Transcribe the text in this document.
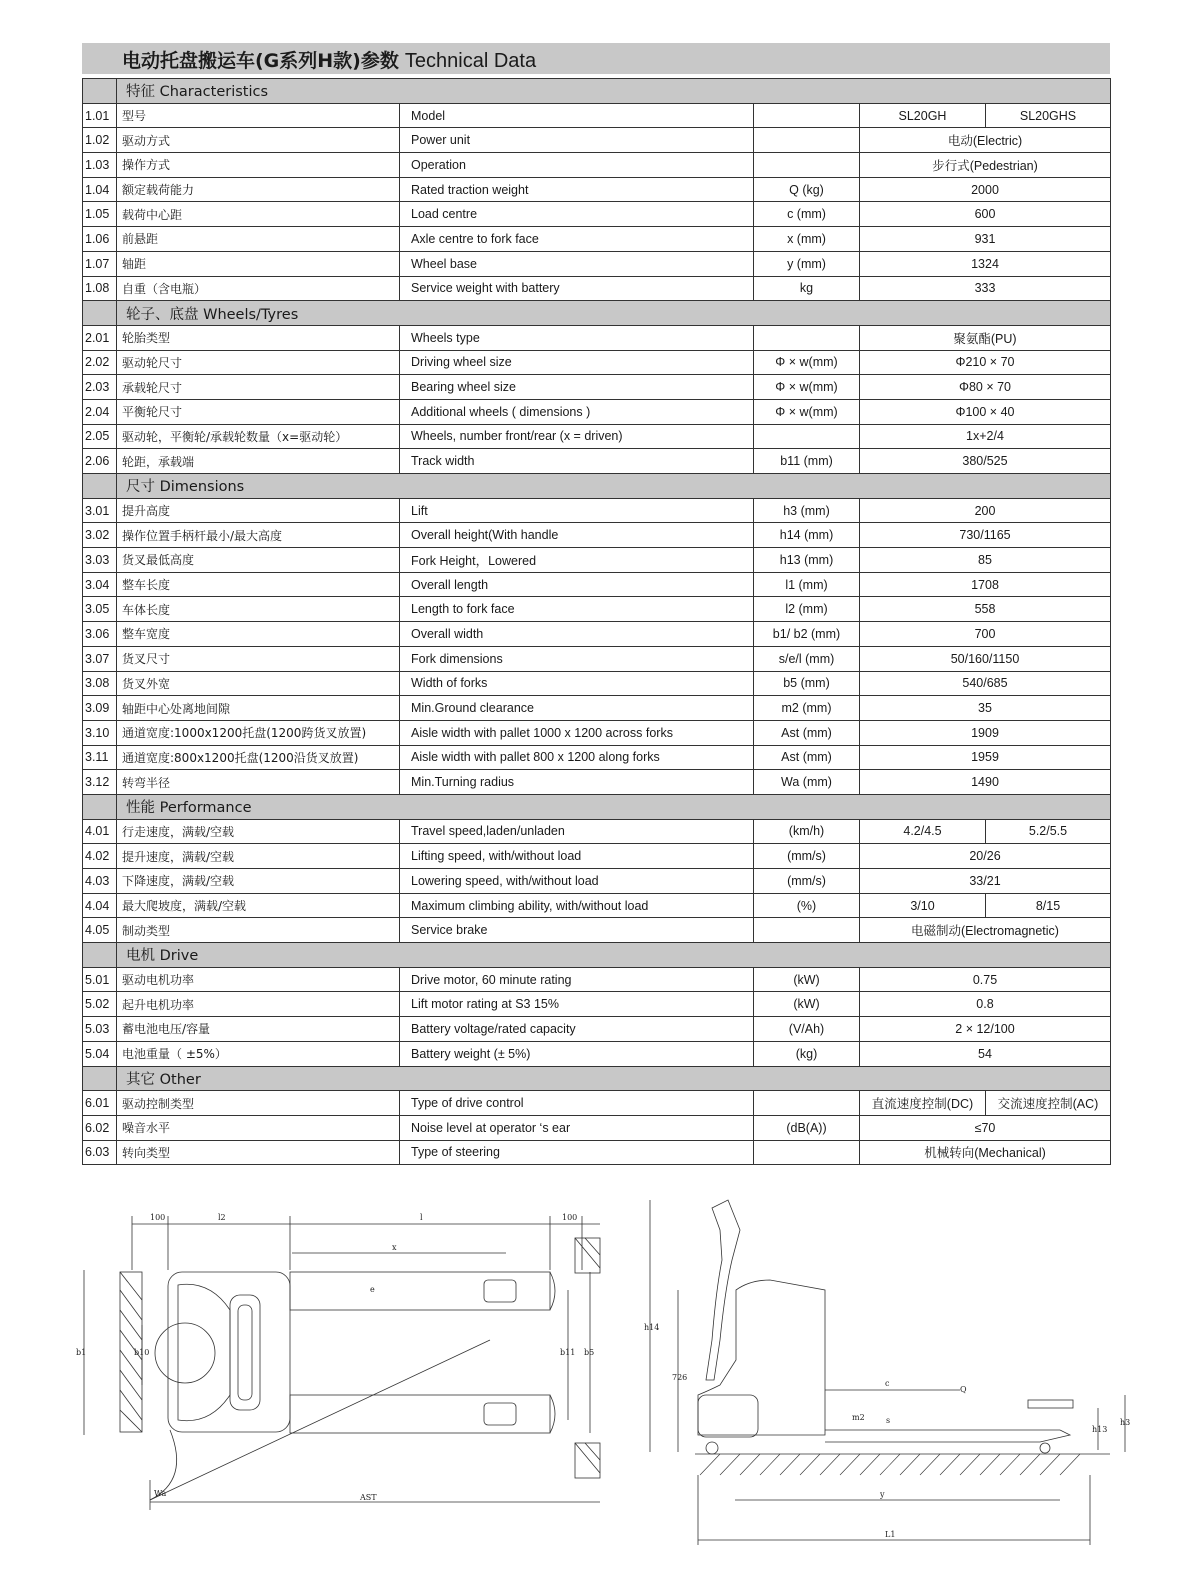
电动托盘搬运车(G系列H款)参数 Technical Data
	特征 Characteristics				
1.01	型号	Model		SL20GH	SL20GHS
1.02	驱动方式	Power unit		电动(Electric)	
1.03	操作方式	Operation		步行式(Pedestrian)	
1.04	额定载荷能力	Rated traction weight	Q (kg)	2000	
1.05	载荷中心距	Load centre	c (mm)	600	
1.06	前悬距	Axle centre to fork face	x (mm)	931	
1.07	轴距	Wheel base	y (mm)	1324	
1.08	自重（含电瓶）	Service weight with battery	kg	333	
	轮子、底盘 Wheels/Tyres				
2.01	轮胎类型	Wheels type		聚氨酯(PU)	
2.02	驱动轮尺寸	Driving wheel size	Φ × w(mm)	Φ210 × 70	
2.03	承载轮尺寸	Bearing wheel size	Φ × w(mm)	Φ80 × 70	
2.04	平衡轮尺寸	Additional wheels ( dimensions )	Φ × w(mm)	Φ100 × 40	
2.05	驱动轮，平衡轮/承载轮数量（x=驱动轮）	Wheels, number front/rear (x = driven)		1x+2/4	
2.06	轮距，承载端	Track width	b11 (mm)	380/525	
	尺寸 Dimensions				
3.01	提升高度	Lift	h3 (mm)	200	
3.02	操作位置手柄杆最小/最大高度	Overall height(With handle	h14 (mm)	730/1165	
3.03	货叉最低高度	Fork Height，Lowered	h13 (mm)	85	
3.04	整车长度	Overall length	l1 (mm)	1708	
3.05	车体长度	Length to fork face	l2 (mm)	558	
3.06	整车宽度	Overall width	b1/ b2 (mm)	700	
3.07	货叉尺寸	Fork dimensions	s/e/l (mm)	50/160/1150	
3.08	货叉外宽	Width of forks	b5 (mm)	540/685	
3.09	轴距中心处离地间隙	Min.Ground clearance	m2 (mm)	35	
3.10	通道宽度:1000x1200托盘(1200跨货叉放置)	Aisle width with pallet 1000 x 1200 across forks	Ast (mm)	1909	
3.11	通道宽度:800x1200托盘(1200沿货叉放置)	Aisle width with pallet 800 x 1200 along forks	Ast (mm)	1959	
3.12	转弯半径	Min.Turning radius	Wa (mm)	1490	
	性能 Performance				
4.01	行走速度，满载/空载	Travel speed,laden/unladen	(km/h)	4.2/4.5	5.2/5.5
4.02	提升速度，满载/空载	Lifting speed, with/without load	(mm/s)	20/26	
4.03	下降速度，满载/空载	Lowering speed, with/without load	(mm/s)	33/21	
4.04	最大爬坡度，满载/空载	Maximum climbing ability, with/without load	(%)	3/10	8/15
4.05	制动类型	Service brake		电磁制动(Electromagnetic)	
	电机 Drive				
5.01	驱动电机功率	Drive motor, 60 minute rating	(kW)	0.75	
5.02	起升电机功率	Lift motor rating at S3 15%	(kW)	0.8	
5.03	蓄电池电压/容量	Battery voltage/rated capacity	(V/Ah)	2 × 12/100	
5.04	电池重量（ ±5%）	Battery weight (± 5%)	(kg)	54	
	其它 Other				
6.01	驱动控制类型	Type of drive control		直流速度控制(DC)	交流速度控制(AC)
6.02	噪音水平	Noise level at operator ‘s ear	(dB(A))	≤70	
6.03	转向类型	Type of steering		机械转向(Mechanical)	
100	l2	l	100
x
e
b1	b10	b11 b5
Wa	AST
h14
726
c
Q
m2	s
h13
h3
y
L1
